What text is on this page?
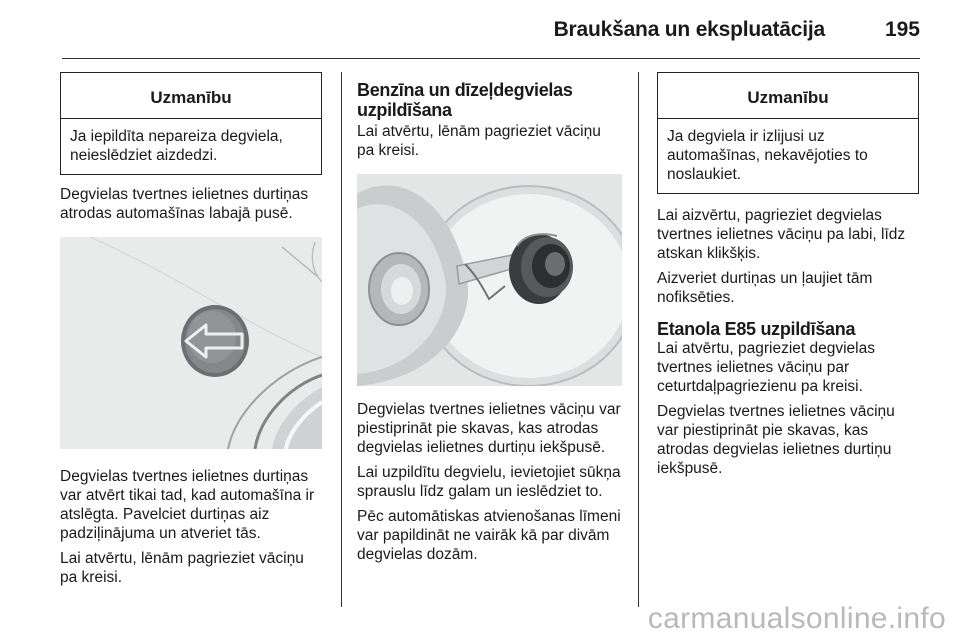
Braukšana un ekspluatācija	195
Uzmanību
Ja iepildīta nepareiza degviela, neieslēdziet aizdedzi.

Degvielas tvertnes ielietnes durtiņas atrodas automašīnas labajā pusē.

Degvielas tvertnes ielietnes durtiņas var atvērt tikai tad, kad automašīna ir atslēgta. Pavelciet durtiņas aiz padziļinājuma un atveriet tās.

Lai atvērtu, lēnām pagrieziet vāciņu pa kreisi.

Benzīna un dīzeļdegvielas uzpildīšana

Lai atvērtu, lēnām pagrieziet vāciņu pa kreisi.

Degvielas tvertnes ielietnes vāciņu var piestiprināt pie skavas, kas atrodas degvielas ielietnes durtiņu iekšpusē.

Lai uzpildītu degvielu, ievietojiet sūkņa sprauslu līdz galam un ieslēdziet to.

Pēc automātiskas atvienošanas līmeni var papildināt ne vairāk kā par divām degvielas dozām.

Uzmanību
Ja degviela ir izlijusi uz automašīnas, nekavējoties to noslaukiet.

Lai aizvērtu, pagrieziet degvielas tvertnes ielietnes vāciņu pa labi, līdz atskan klikšķis.

Aizveriet durtiņas un ļaujiet tām nofiksēties.

Etanola E85 uzpildīšana

Lai atvērtu, pagrieziet degvielas tvertnes ielietnes vāciņu par ceturtdaļpagriezienu pa kreisi.

Degvielas tvertnes ielietnes vāciņu var piestiprināt pie skavas, kas atrodas degvielas ielietnes durtiņu iekšpusē.

carmanualsonline.info
